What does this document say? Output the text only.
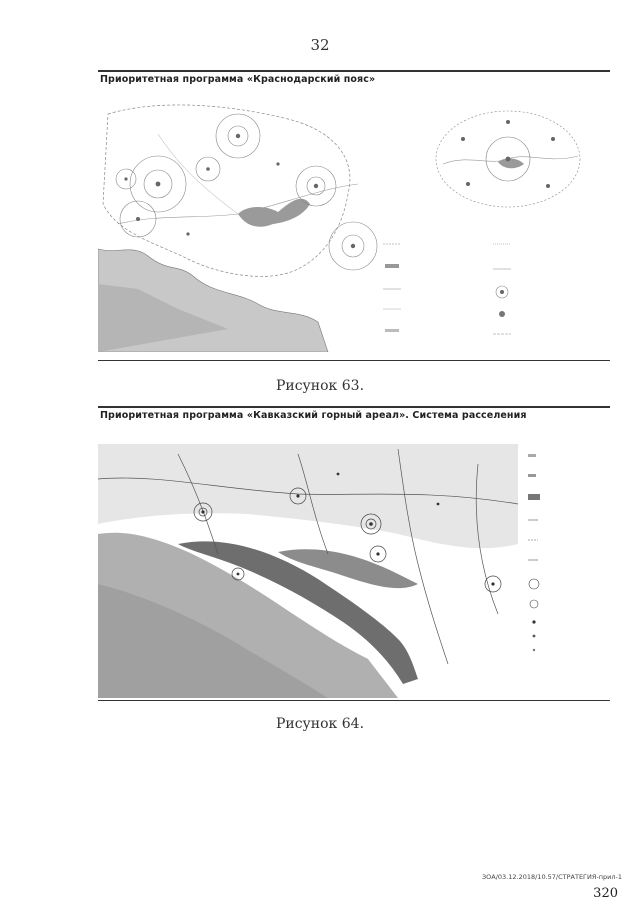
32
Приоритетная программа «Краснодарский пояс»
Рисунок 63.
Приоритетная программа «Кавказский горный ареал». Система расселения
Рисунок 64.
ЗОА/03.12.2018/10.57/СТРАТЕГИЯ-прил-1
320
